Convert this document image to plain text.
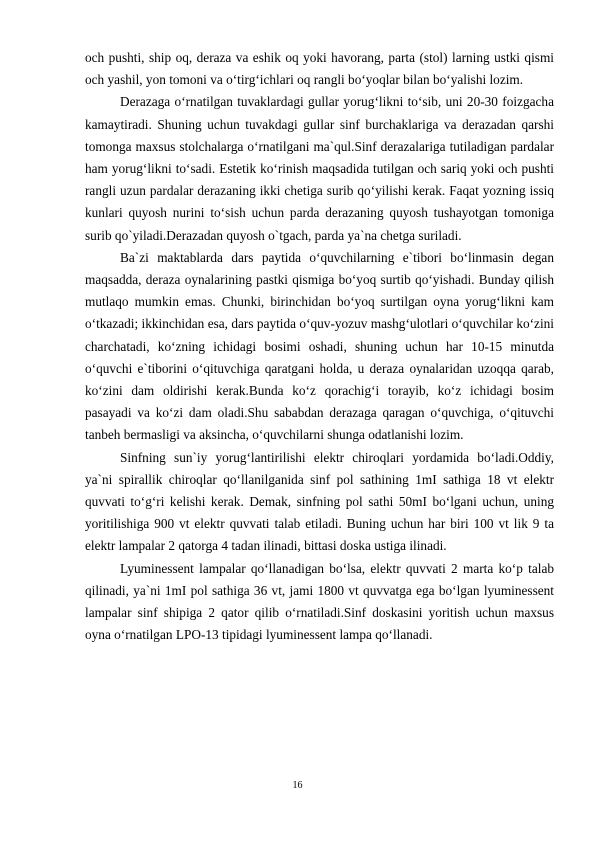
och pushti, ship oq, deraza va eshik oq yoki havorang, parta (stol) larning ustki qismi och yashil, yon tomoni va o‘tirg‘ichlari oq rangli bo‘yoqlar bilan bo‘yalishi lozim.

Derazaga o‘rnatilgan tuvaklardagi gullar yorug‘likni to‘sib, uni 20-30 foizgacha kamaytiradi. Shuning uchun tuvakdagi gullar sinf burchaklariga va derazadan qarshi tomonga maxsus stolchalarga o‘rnatilgani ma`qul.Sinf derazalariga tutiladigan pardalar ham yorug‘likni to‘sadi. Estetik ko‘rinish maqsadida tutilgan och sariq yoki och pushti rangli uzun pardalar derazaning ikki chetiga surib qo‘yilishi kerak. Faqat yozning issiq kunlari quyosh nurini to‘sish uchun parda derazaning quyosh tushayotgan tomoniga surib qo`yiladi.Derazadan quyosh o`tgach, parda ya`na chetga suriladi.

Ba`zi maktablarda dars paytida o‘quvchilarning e`tibori bo‘linmasin degan maqsadda, deraza oynalarining pastki qismiga bo‘yoq surtib qo‘yishadi. Bunday qilish mutlaqo mumkin emas. Chunki, birinchidan bo‘yoq surtilgan oyna yorug‘likni kam o‘tkazadi; ikkinchidan esa, dars paytida o‘quv-yozuv mashg‘ulotlari o‘quvchilar ko‘zini charchatadi, ko‘zning ichidagi bosimi oshadi, shuning uchun har 10-15 minutda o‘quvchi e`tiborini o‘qituvchiga qaratgani holda, u deraza oynalaridan uzoqqa qarab, ko‘zini dam oldirishi kerak.Bunda ko‘z qorachig‘i torayib, ko‘z ichidagi bosim pasayadi va ko‘zi dam oladi.Shu sababdan derazaga qaragan o‘quvchiga, o‘qituvchi tanbeh bermasligi va aksincha, o‘quvchilarni shunga odatlanishi lozim.

Sinfning sun`iy yorug‘lantirilishi elektr chiroqlari yordamida bo‘ladi.Oddiy, ya`ni spirallik chiroqlar qo‘llanilganida sinf pol sathining 1mI sathiga 18 vt elektr quvvati to‘g‘ri kelishi kerak. Demak, sinfning pol sathi 50mI bo‘lgani uchun, uning yoritilishiga 900 vt elektr quvvati talab etiladi. Buning uchun har biri 100 vt lik 9 ta elektr lampalar 2 qatorga 4 tadan ilinadi, bittasi doska ustiga ilinadi.

Lyuminessent lampalar qo‘llanadigan bo‘lsa, elektr quvvati 2 marta ko‘p talab qilinadi, ya`ni 1mI pol sathiga 36 vt, jami 1800 vt quvvatga ega bo‘lgan lyuminessent lampalar sinf shipiga 2 qator qilib o‘rnatiladi.Sinf doskasini yoritish uchun maxsus oyna o‘rnatilgan LPO-13 tipidagi lyuminessent lampa qo‘llanadi.

16
